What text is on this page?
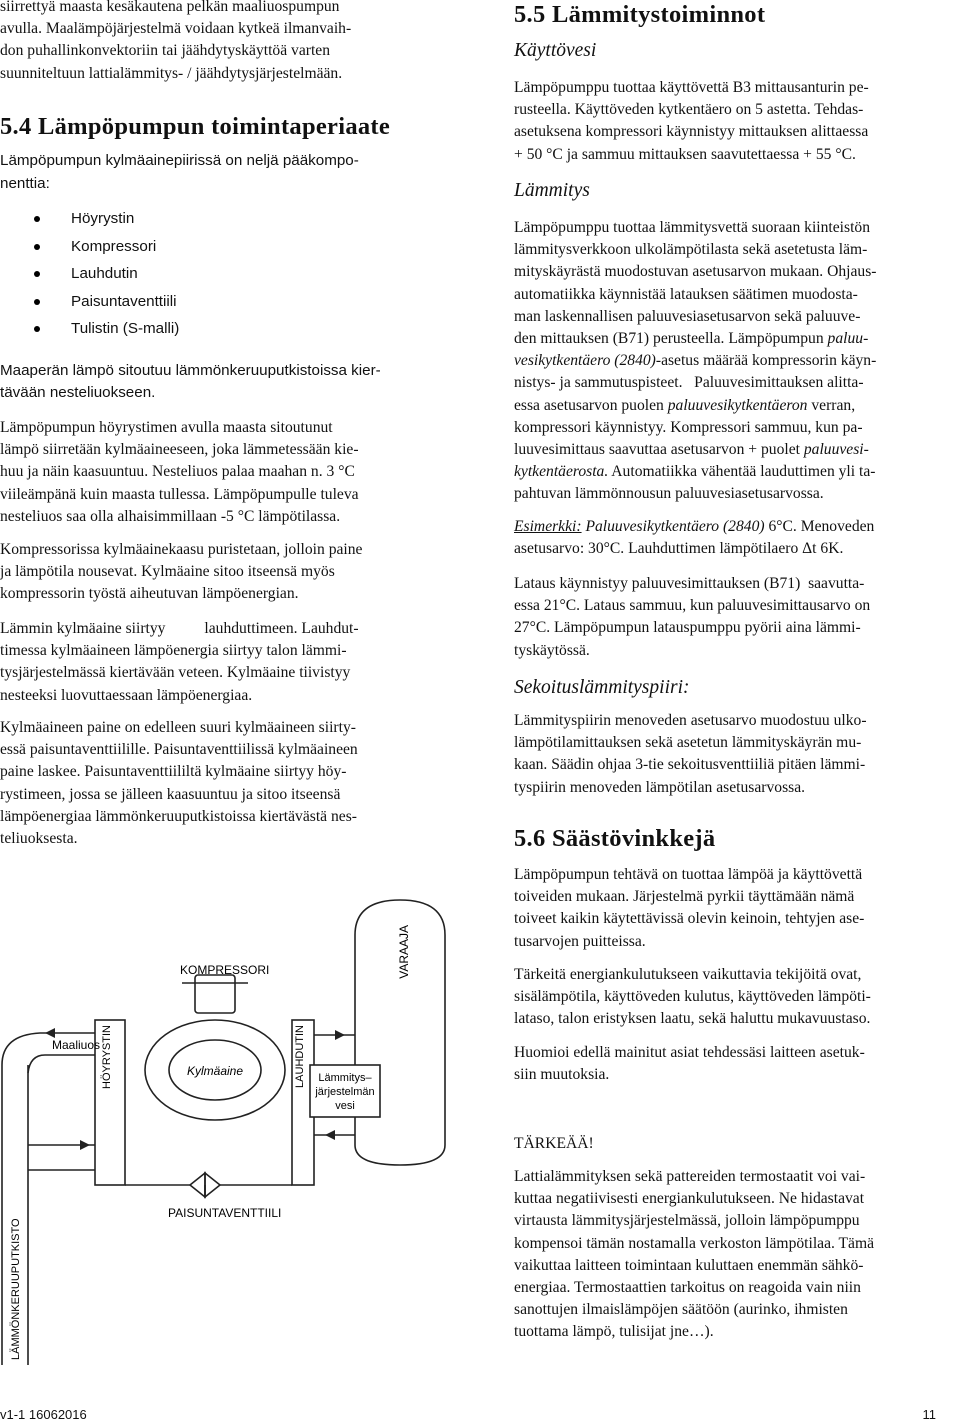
siirrettyä maasta kesäkautena pelkän maaliuospumpun
avulla. Maalämpöjärjestelmä voidaan kytkeä ilmanvaih-
don puhallinkonvektoriin tai jäähdytyskäyttöä varten
suunniteltuun lattialämmitys- / jäähdytysjärjestelmään.
5.4 Lämpöpumpun toimintaperiaate
Lämpöpumpun kylmäainepiirissä on neljä pääkompo-
nenttia:
Höyrystin
Kompressori
Lauhdutin
Paisuntaventtiili
Tulistin (S-malli)
Maaperän lämpö sitoutuu lämmönkeruuputkistoissa kier-
tävään nesteliuokseen.
Lämpöpumpun höyrystimen avulla maasta sitoutunut
lämpö siirretään kylmäaineeseen, joka lämmetessään kie-
huu ja näin kaasuuntuu. Nesteliuos palaa maahan n. 3 °C
viileämpänä kuin maasta tullessa. Lämpöpumpulle tuleva
nesteliuos saa olla alhaisimmillaan -5 °C lämpötilassa.
Kompressorissa kylmäainekaasu puristetaan, jolloin paine
ja lämpötila nousevat. Kylmäaine sitoo itseensä myös
kompressorin työstä aiheutuvan lämpöenergian.
Lämmin kylmäaine siirtyy          lauhduttimeen. Lauhdut-
timessa kylmäaineen lämpöenergia siirtyy talon lämmi-
tysjärjestelmässä kiertävään veteen. Kylmäaine tiivistyy
nesteeksi luovuttaessaan lämpöenergiaa.
Kylmäaineen paine on edelleen suuri kylmäaineen siirty-
essä paisuntaventtiilille. Paisuntaventtiilissä kylmäaineen
paine laskee. Paisuntaventtiililtä kylmäaine siirtyy höy-
rystimeen, jossa se jälleen kaasuuntuu ja sitoo itseensä
lämpöenergiaa lämmönkeruuputkistoissa kiertävästä nes-
teliuoksesta.
KOMPRESSORI	VARAAJA
Maaliuos HÖYRYSTIN	Kylmäaine	LAUHDUTIN Lämmitys–
järjestelmän
vesi
PAISUNTAVENTTIILI
LÄMMÖNKERUUPUTKISTO
5.5 Lämmitystoiminnot
Käyttövesi
Lämpöpumppu tuottaa käyttövettä B3 mittausanturin pe-
rusteella. Käyttöveden kytkentäero on 5 astetta. Tehdas-
asetuksena kompressori käynnistyy mittauksen alittaessa
+ 50 °C ja sammuu mittauksen saavutettaessa + 55 °C.
Lämmitys
Lämpöpumppu tuottaa lämmitysvettä suoraan kiinteistön
lämmitysverkkoon ulkolämpötilasta sekä asetetusta läm-
mityskäyrästä muodostuvan asetusarvon mukaan. Ohjaus-
automatiikka käynnistää latauksen säätimen muodosta-
man laskennallisen paluuvesiasetusarvon sekä paluuve-
den mittauksen (B71) perusteella. Lämpöpumpun paluu-
vesikytkentäero (2840)-asetus määrää kompressorin käyn-
nistys- ja sammutuspisteet.   Paluuvesimittauksen alitta-
essa asetusarvon puolen paluuvesikytkentäeron verran,
kompressori käynnistyy. Kompressori sammuu, kun pa-
luuvesimittaus saavuttaa asetusarvon + puolet paluuvesi-
kytkentäerosta. Automatiikka vähentää lauduttimen yli ta-
pahtuvan lämmönnousun paluuvesiasetusarvossa.
Esimerkki: Paluuvesikytkentäero (2840) 6°C. Menoveden
asetusarvo: 30°C. Lauhduttimen lämpötilaero Δt 6K.
Lataus käynnistyy paluuvesimittauksen (B71)  saavutta-
essa 21°C. Lataus sammuu, kun paluuvesimittausarvo on
27°C. Lämpöpumpun latauspumppu pyörii aina lämmi-
tyskäytössä.
Sekoituslämmityspiiri:
Lämmityspiirin menoveden asetusarvo muodostuu ulko-
lämpötilamittauksen sekä asetetun lämmityskäyrän mu-
kaan. Säädin ohjaa 3-tie sekoitusventtiiliä pitäen lämmi-
tyspiirin menoveden lämpötilan asetusarvossa.
5.6 Säästövinkkejä
Lämpöpumpun tehtävä on tuottaa lämpöä ja käyttövettä
toiveiden mukaan. Järjestelmä pyrkii täyttämään nämä
toiveet kaikin käytettävissä olevin keinoin, tehtyjen ase-
tusarvojen puitteissa.
Tärkeitä energiankulutukseen vaikuttavia tekijöitä ovat,
sisälämpötila, käyttöveden kulutus, käyttöveden lämpöti-
lataso, talon eristyksen laatu, sekä haluttu mukavuustaso.
Huomioi edellä mainitut asiat tehdessäsi laitteen asetuk-
siin muutoksia.
TÄRKEÄÄ!
Lattialämmityksen sekä pattereiden termostaatit voi vai-
kuttaa negatiivisesti energiankulutukseen. Ne hidastavat
virtausta lämmitysjärjestelmässä, jolloin lämpöpumppu
kompensoi tämän nostamalla verkoston lämpötilaa. Tämä
vaikuttaa laitteen toimintaan kuluttaen enemmän sähkö-
energiaa. Termostaattien tarkoitus on reagoida vain niin
sanottujen ilmaislämpöjen säätöön (aurinko, ihmisten
tuottama lämpö, tulisijat jne…).
v1-1 16062016	11
